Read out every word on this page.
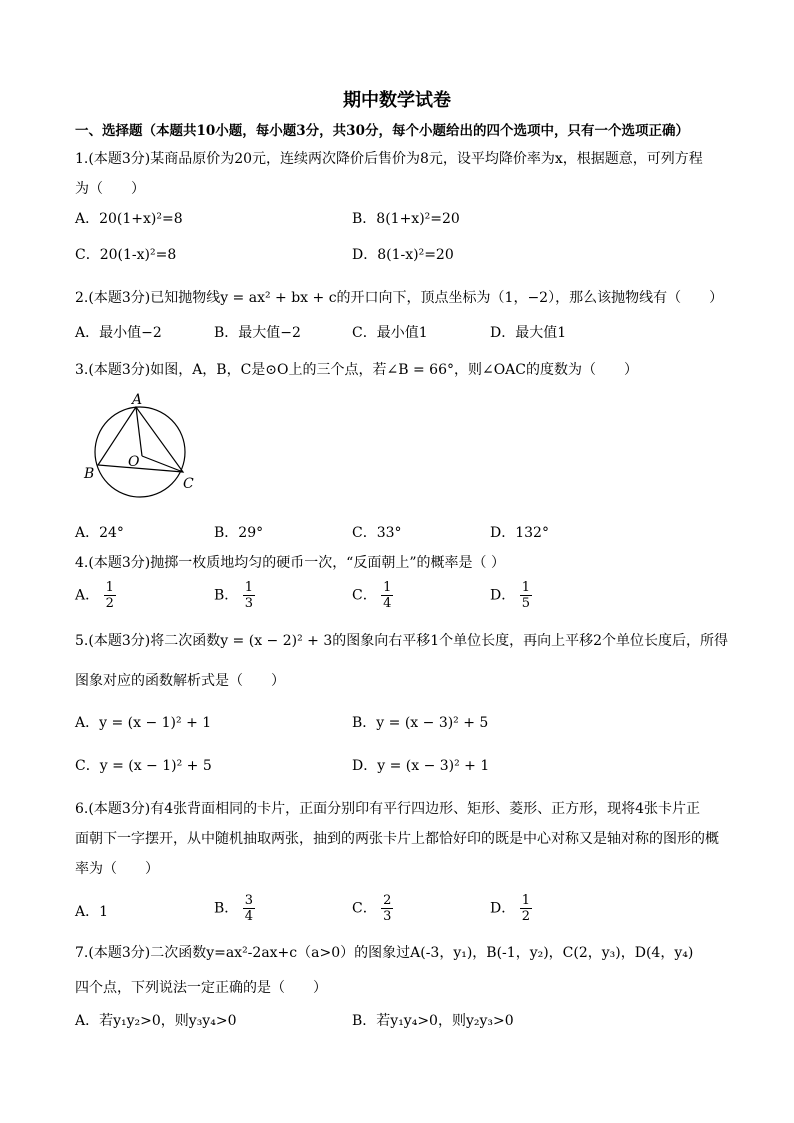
期中数学试卷
一、选择题（本题共10小题，每小题3分，共30分，每个小题给出的四个选项中，只有一个选项正确）
1.(本题3分)某商品原价为20元，连续两次降价后售价为8元，设平均降价率为x，根据题意，可列方程
为（　　）
A．20(1+x)²=8	B．8(1+x)²=20
C．20(1-x)²=8	D．8(1-x)²=20
2.(本题3分)已知抛物线y = ax² + bx + c的开口向下，顶点坐标为（1，−2），那么该抛物线有（　　）
A．最小值−2	B．最大值−2	C．最小值1	D．最大值1
3.(本题3分)如图，A，B，C是⊙O上的三个点，若∠B = 66°，则∠OAC的度数为（　　）
A
B
C
O
A．24°	B．29°	C．33°	D．132°
4.(本题3分)抛掷一枚质地均匀的硬币一次，“反面朝上”的概率是（ ）
A． $\frac{1}{2}$	B． $\frac{1}{3}$	C． $\frac{1}{4}$	D． $\frac{1}{5}$
5.(本题3分)将二次函数y = (x − 2)² + 3的图象向右平移1个单位长度，再向上平移2个单位长度后，所得
图象对应的函数解析式是（　　）
A．y = (x − 1)² + 1	B．y = (x − 3)² + 5
C．y = (x − 1)² + 5	D．y = (x − 3)² + 1
6.(本题3分)有4张背面相同的卡片，正面分别印有平行四边形、矩形、菱形、正方形，现将4张卡片正
面朝下一字摆开，从中随机抽取两张，抽到的两张卡片上都恰好印的既是中心对称又是轴对称的图形的概
率为（　　）
A．1	B． $\frac{3}{4}$	C． $\frac{2}{3}$	D． $\frac{1}{2}$
7.(本题3分)二次函数y=ax²-2ax+c（a>0）的图象过A(-3，y₁)，B(-1，y₂)，C(2，y₃)，D(4，y₄)
四个点，下列说法一定正确的是（　　）
A．若y₁y₂>0，则y₃y₄>0	B．若y₁y₄>0，则y₂y₃>0
